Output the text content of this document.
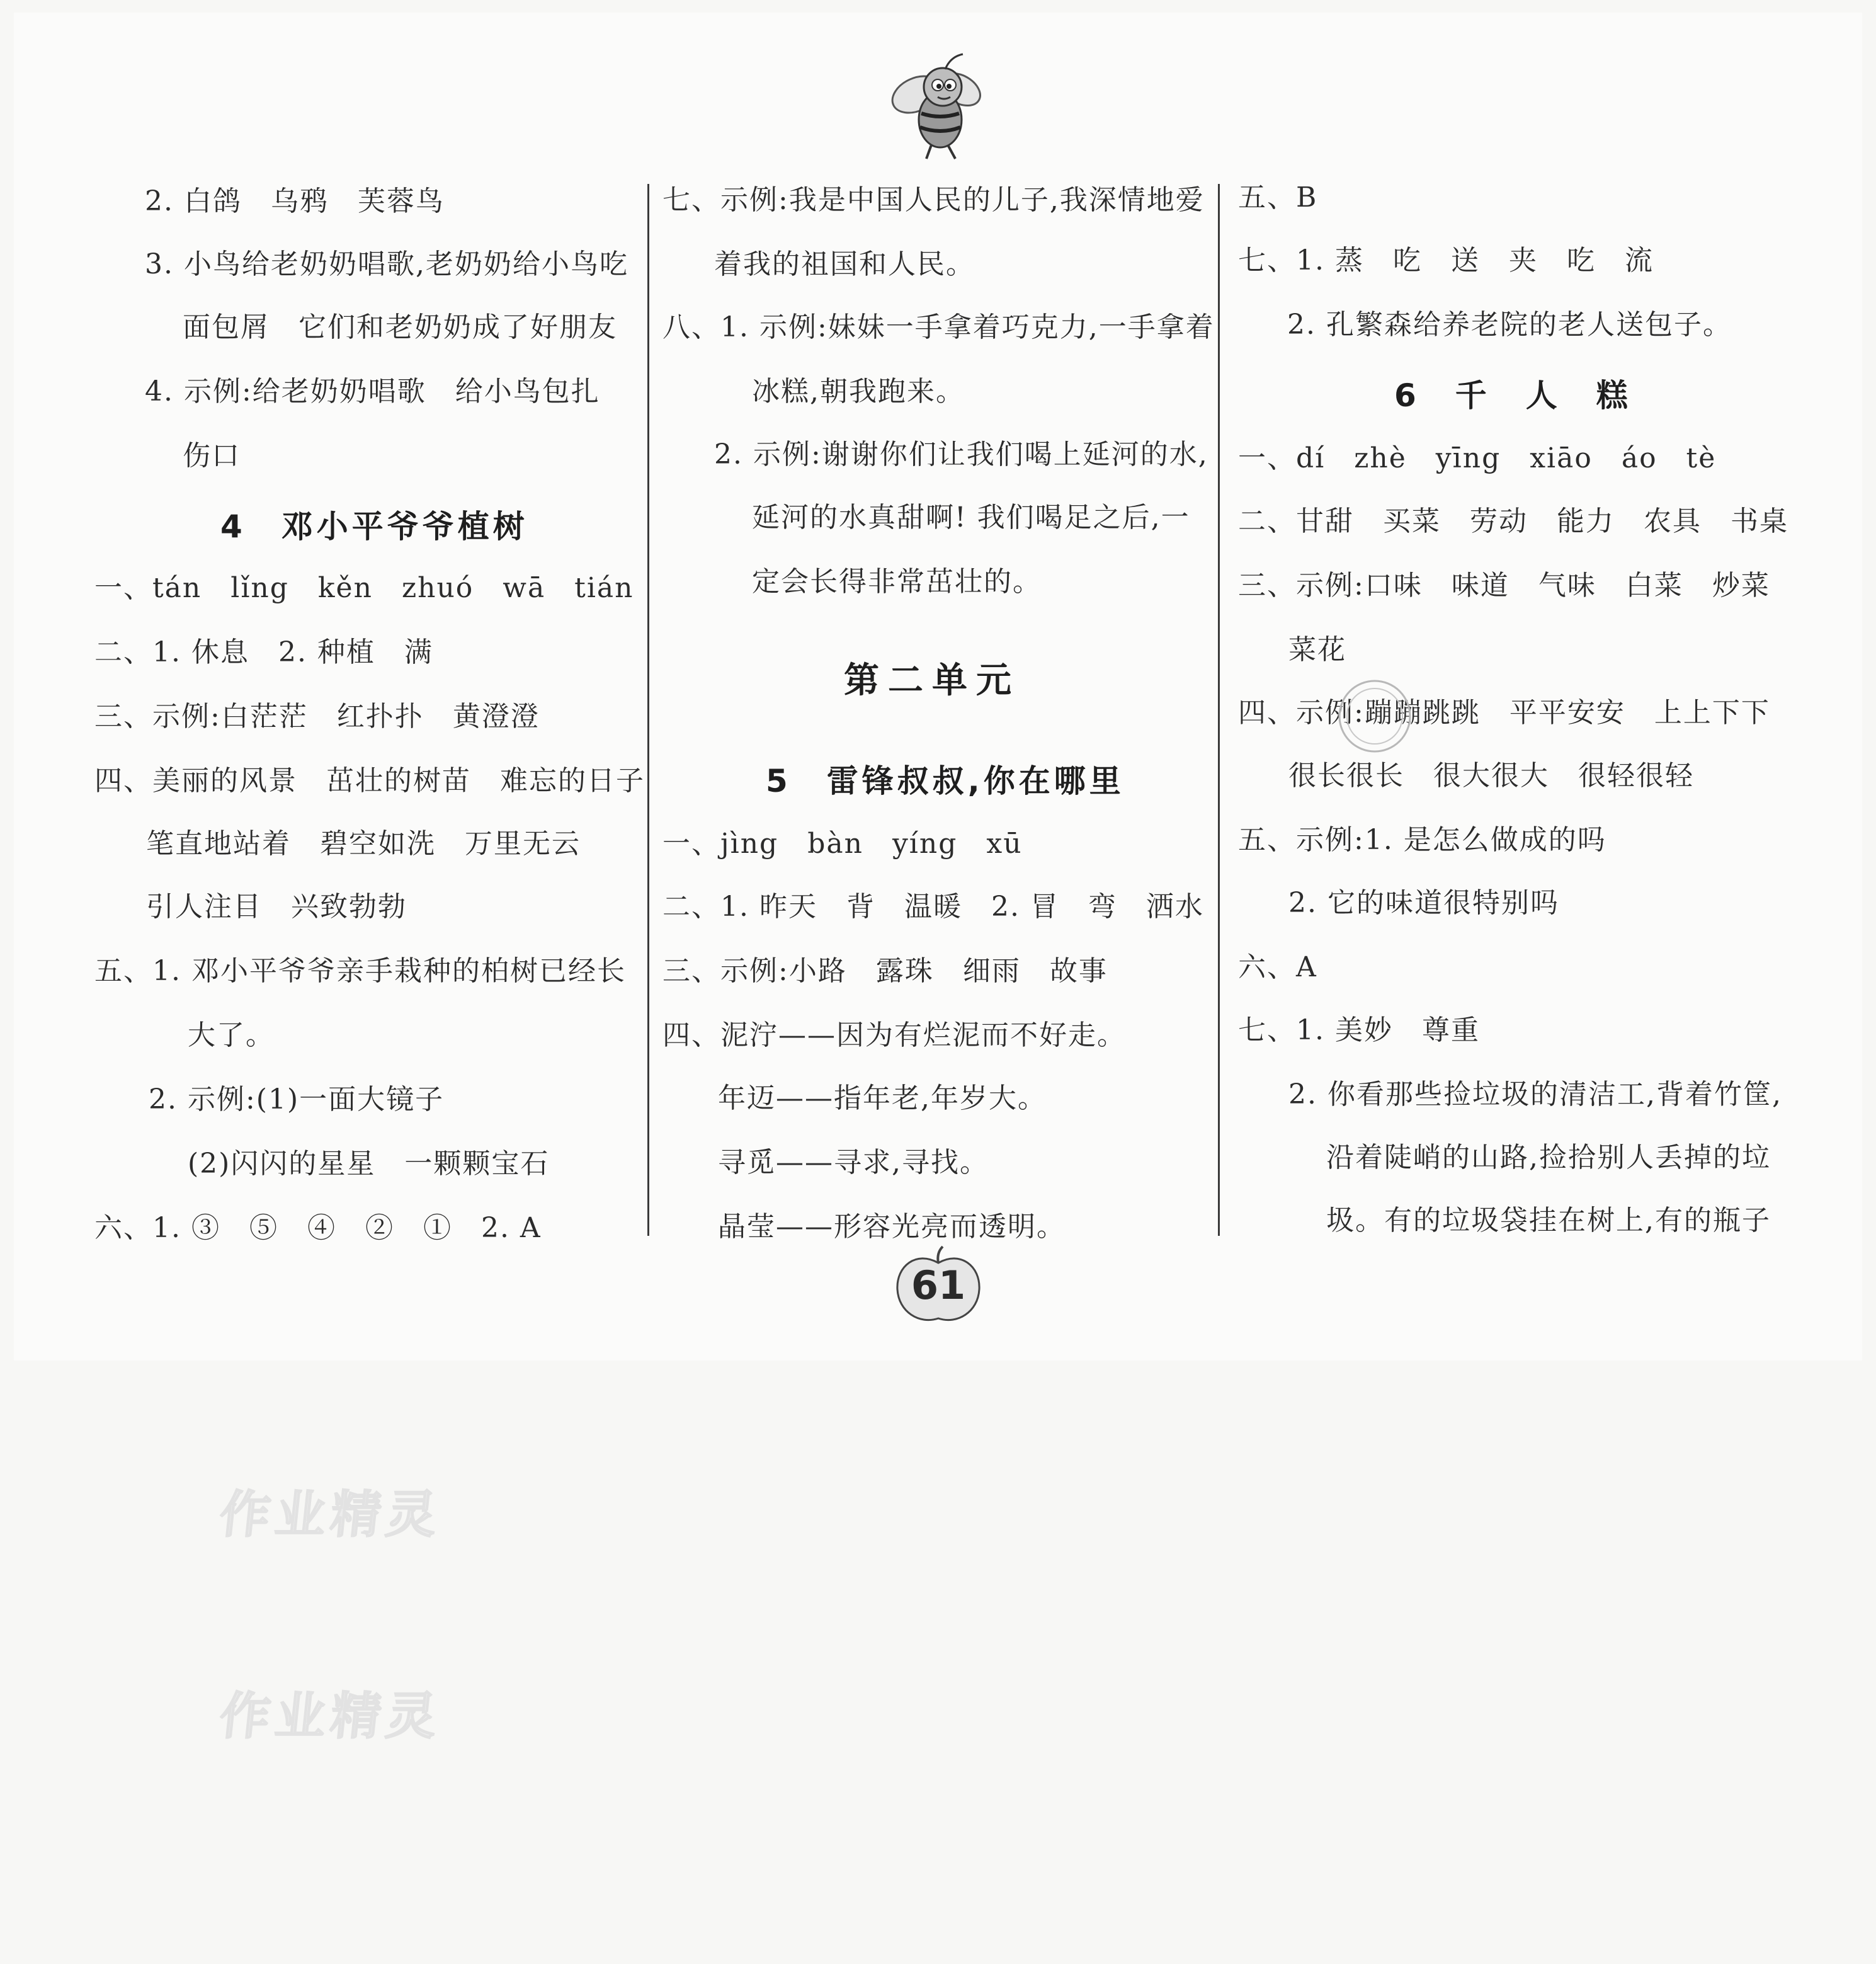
2. 白鸽　乌鸦　芙蓉鸟
3. 小鸟给老奶奶唱歌,老奶奶给小鸟吃
面包屑　它们和老奶奶成了好朋友
4. 示例:给老奶奶唱歌　给小鸟包扎
伤口
4　邓小平爷爷植树
一、tán　lǐng　kěn　zhuó　wā　tián
二、1. 休息　2. 种植　满
三、示例:白茫茫　红扑扑　黄澄澄
四、美丽的风景　茁壮的树苗　难忘的日子
笔直地站着　碧空如洗　万里无云
引人注目　兴致勃勃
五、1. 邓小平爷爷亲手栽种的柏树已经长
大了。
2. 示例:(1)一面大镜子
(2)闪闪的星星　一颗颗宝石
六、1. ③　⑤　④　②　①　2. A
七、示例:我是中国人民的儿子,我深情地爱
着我的祖国和人民。
八、1. 示例:妹妹一手拿着巧克力,一手拿着
冰糕,朝我跑来。
2. 示例:谢谢你们让我们喝上延河的水,
延河的水真甜啊! 我们喝足之后,一
定会长得非常茁壮的。
第二单元
5　雷锋叔叔,你在哪里
一、jìng　bàn　yíng　xū
二、1. 昨天　背　温暖　2. 冒　弯　洒水
三、示例:小路　露珠　细雨　故事
四、泥泞——因为有烂泥而不好走。
年迈——指年老,年岁大。
寻觅——寻求,寻找。
晶莹——形容光亮而透明。
五、B
七、1. 蒸　吃　送　夹　吃　流
2. 孔繁森给养老院的老人送包子。
6　千　人　糕
一、dí　zhè　yīng　xiāo　áo　tè
二、甘甜　买菜　劳动　能力　农具　书桌
三、示例:口味　味道　气味　白菜　炒菜
菜花
四、示例:蹦蹦跳跳　平平安安　上上下下
很长很长　很大很大　很轻很轻
五、示例:1. 是怎么做成的吗
2. 它的味道很特别吗
六、A
七、1. 美妙　尊重
2. 你看那些捡垃圾的清洁工,背着竹筐,
沿着陡峭的山路,捡拾别人丢掉的垃
圾。有的垃圾袋挂在树上,有的瓶子
61
作业精灵
作业精灵
